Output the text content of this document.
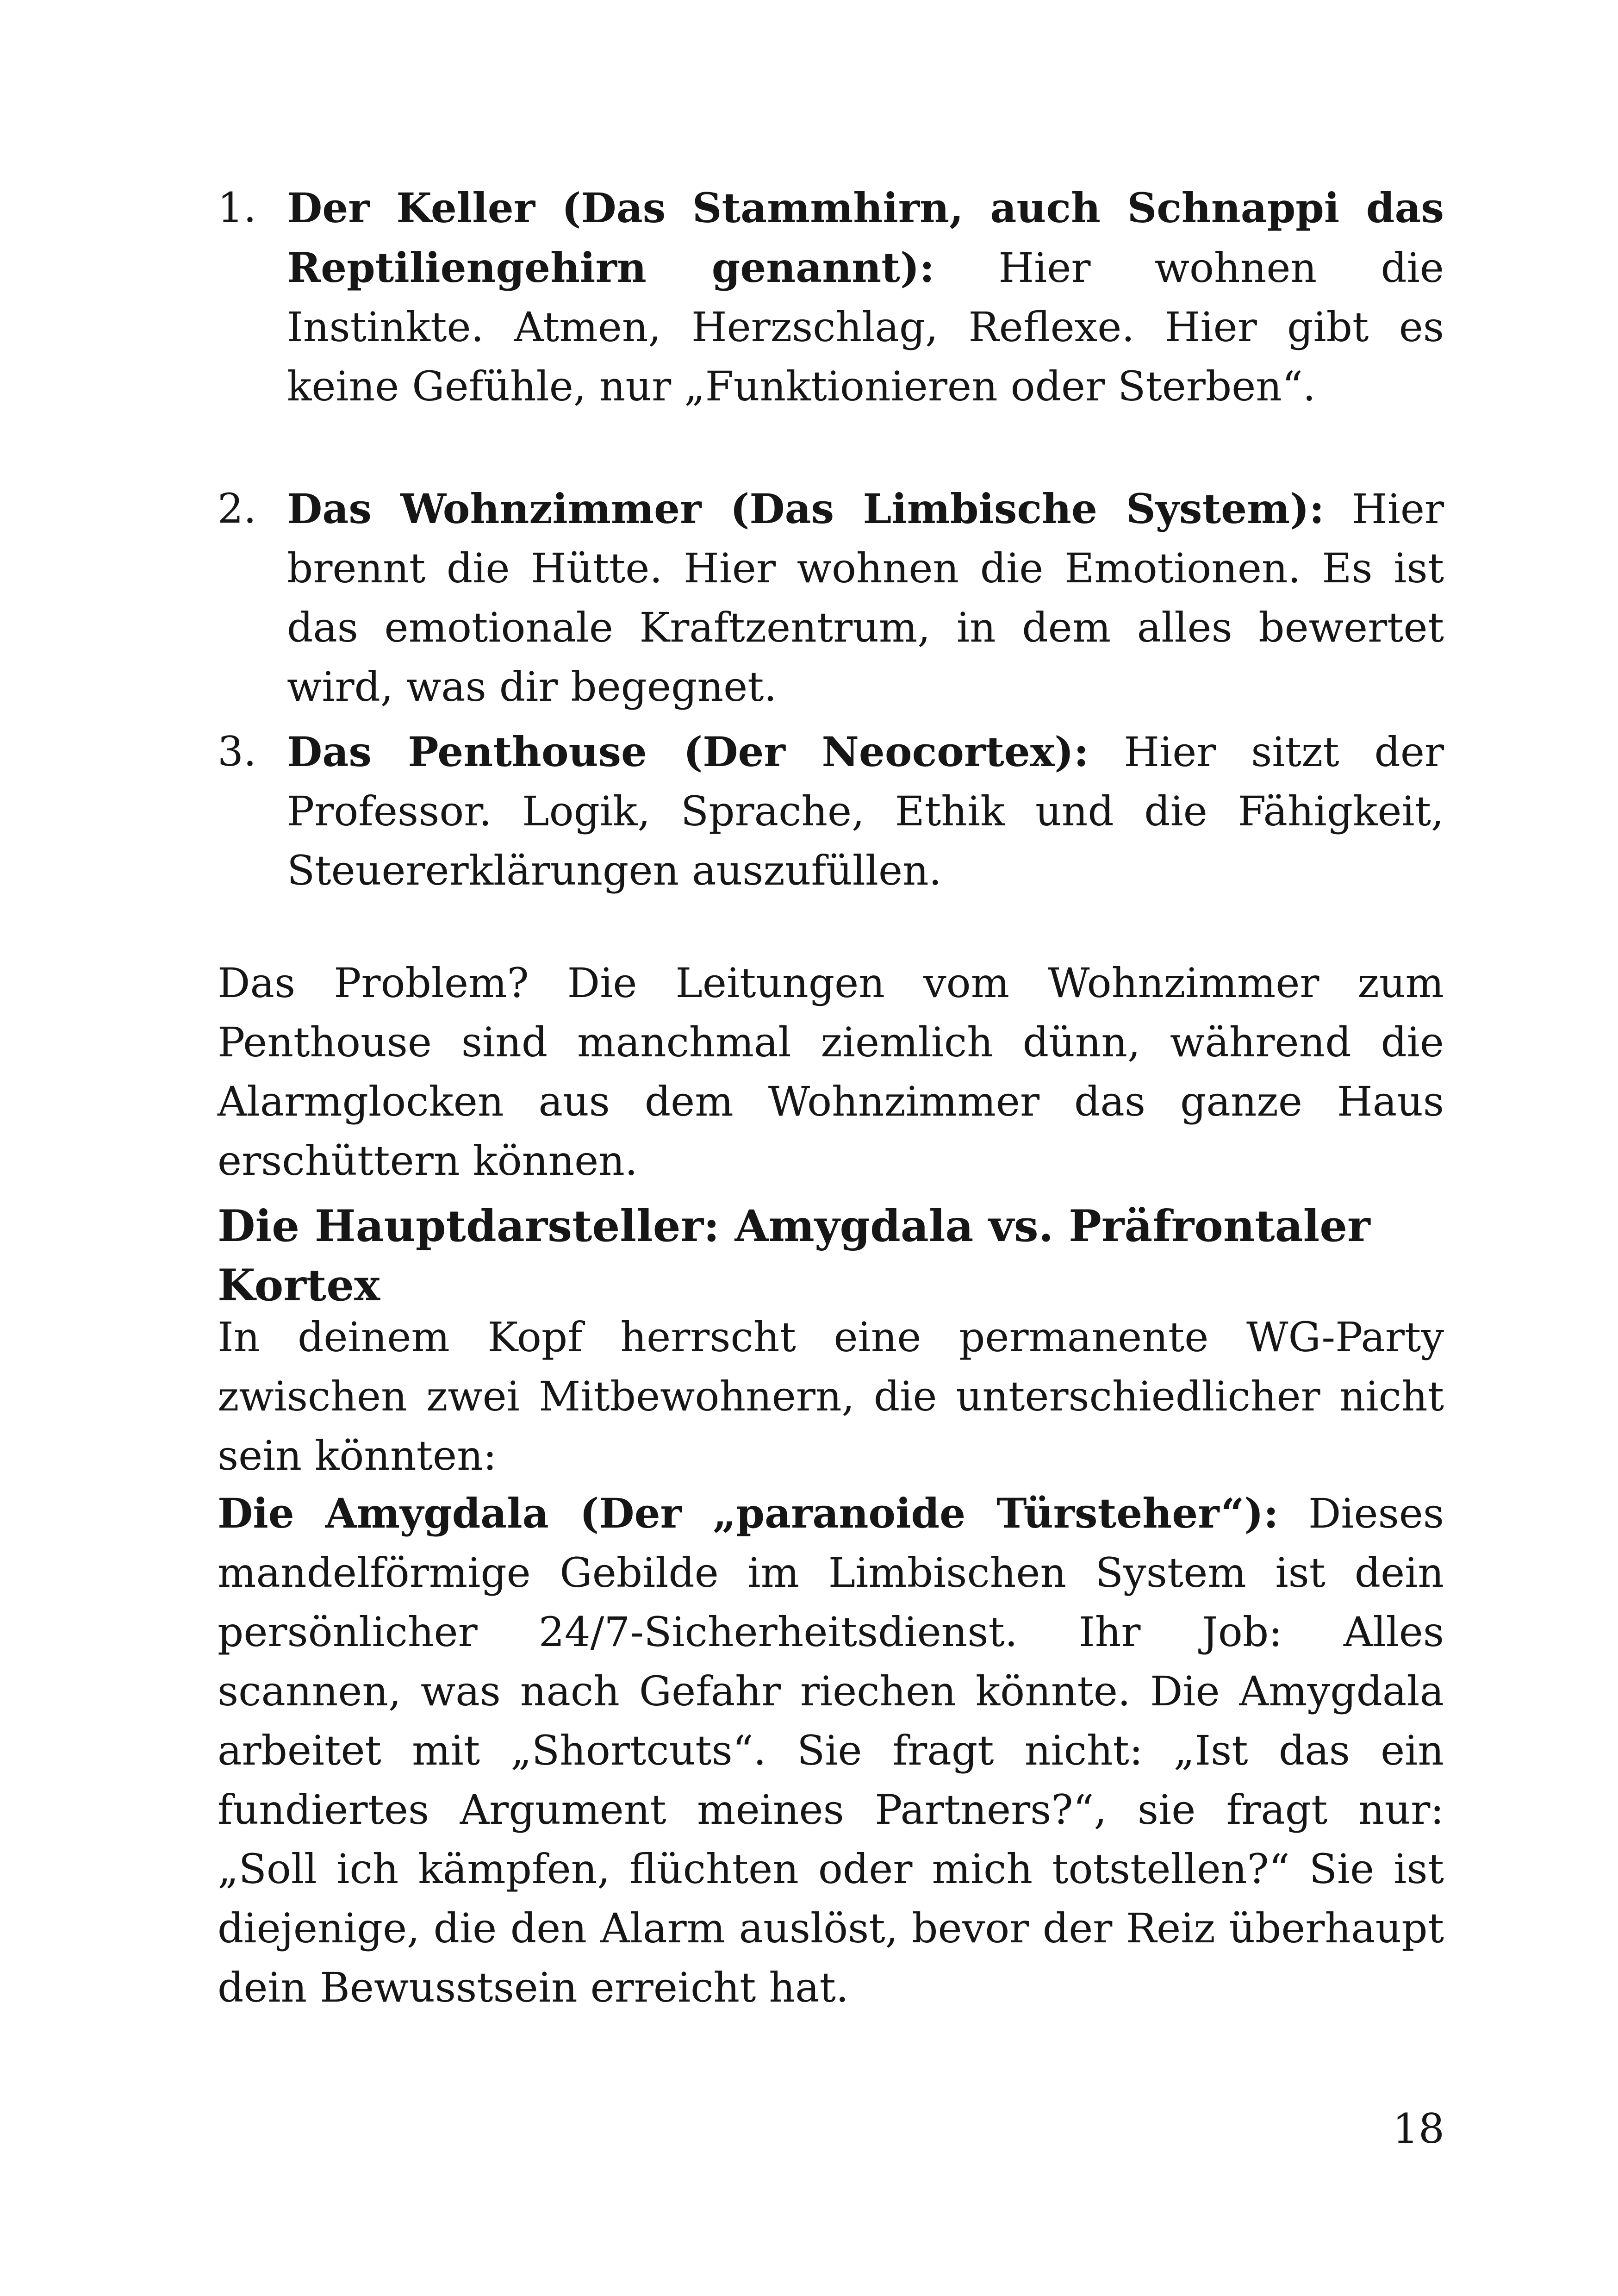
1. Der Keller (Das Stammhirn, auch Schnappi das Reptiliengehirn genannt): Hier wohnen die Instinkte. Atmen, Herzschlag, Reflexe. Hier gibt es keine Gefühle, nur „Funktionieren oder Sterben“.
2. Das Wohnzimmer (Das Limbische System): Hier brennt die Hütte. Hier wohnen die Emotionen. Es ist das emotionale Kraftzentrum, in dem alles bewertet wird, was dir begegnet.
3. Das Penthouse (Der Neocortex): Hier sitzt der Professor. Logik, Sprache, Ethik und die Fähigkeit, Steuererklärungen auszufüllen.
Das Problem? Die Leitungen vom Wohnzimmer zum Penthouse sind manchmal ziemlich dünn, während die Alarmglocken aus dem Wohnzimmer das ganze Haus erschüttern können.
Die Hauptdarsteller: Amygdala vs. Präfrontaler Kortex
In deinem Kopf herrscht eine permanente WG-Party zwischen zwei Mitbewohnern, die unterschiedlicher nicht sein könnten:
Die Amygdala (Der „paranoide Türsteher“): Dieses mandelförmige Gebilde im Limbischen System ist dein persönlicher 24/7-Sicherheitsdienst. Ihr Job: Alles scannen, was nach Gefahr riechen könnte. Die Amygdala arbeitet mit „Shortcuts“. Sie fragt nicht: „Ist das ein fundiertes Argument meines Partners?“, sie fragt nur: „Soll ich kämpfen, flüchten oder mich totstellen?“ Sie ist diejenige, die den Alarm auslöst, bevor der Reiz überhaupt dein Bewusstsein erreicht hat.
18
